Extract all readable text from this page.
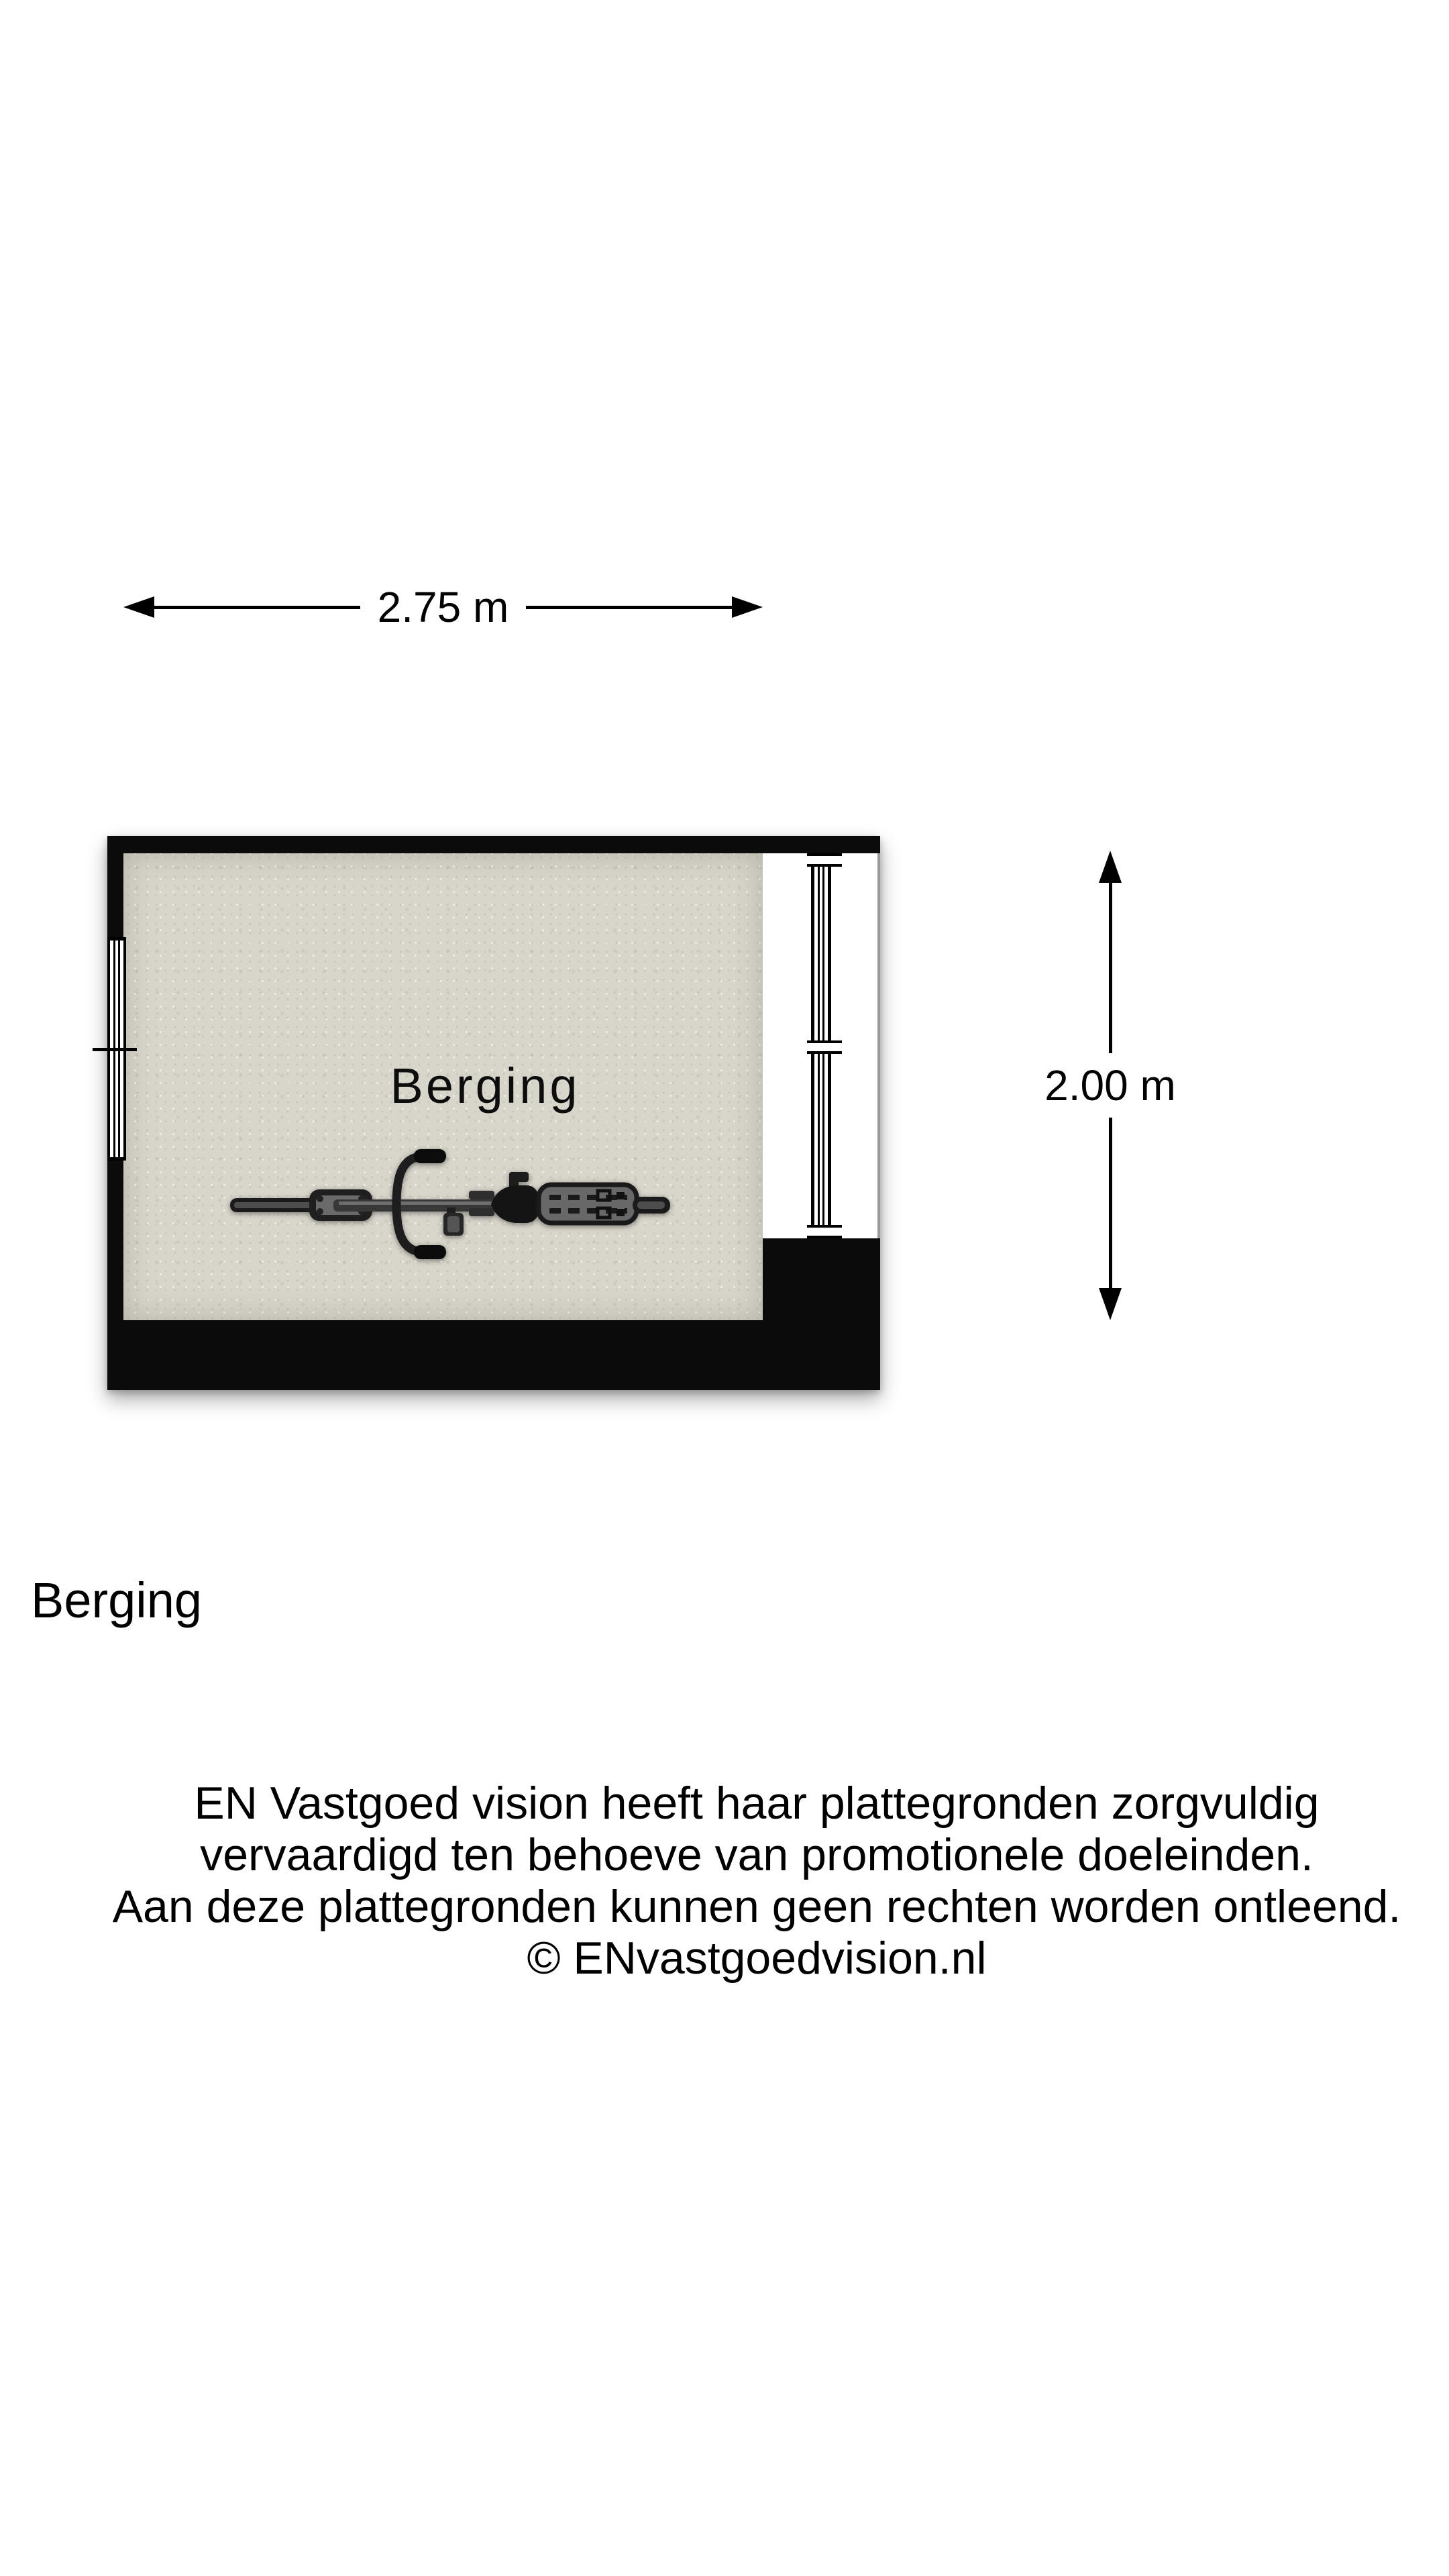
2.75 m
Berging	2.00 m
Berging
EN Vastgoed vision heeft haar plattegronden zorgvuldig
vervaardigd ten behoeve van promotionele doeleinden.
Aan deze plattegronden kunnen geen rechten worden ontleend.
© ENvastgoedvision.nl
